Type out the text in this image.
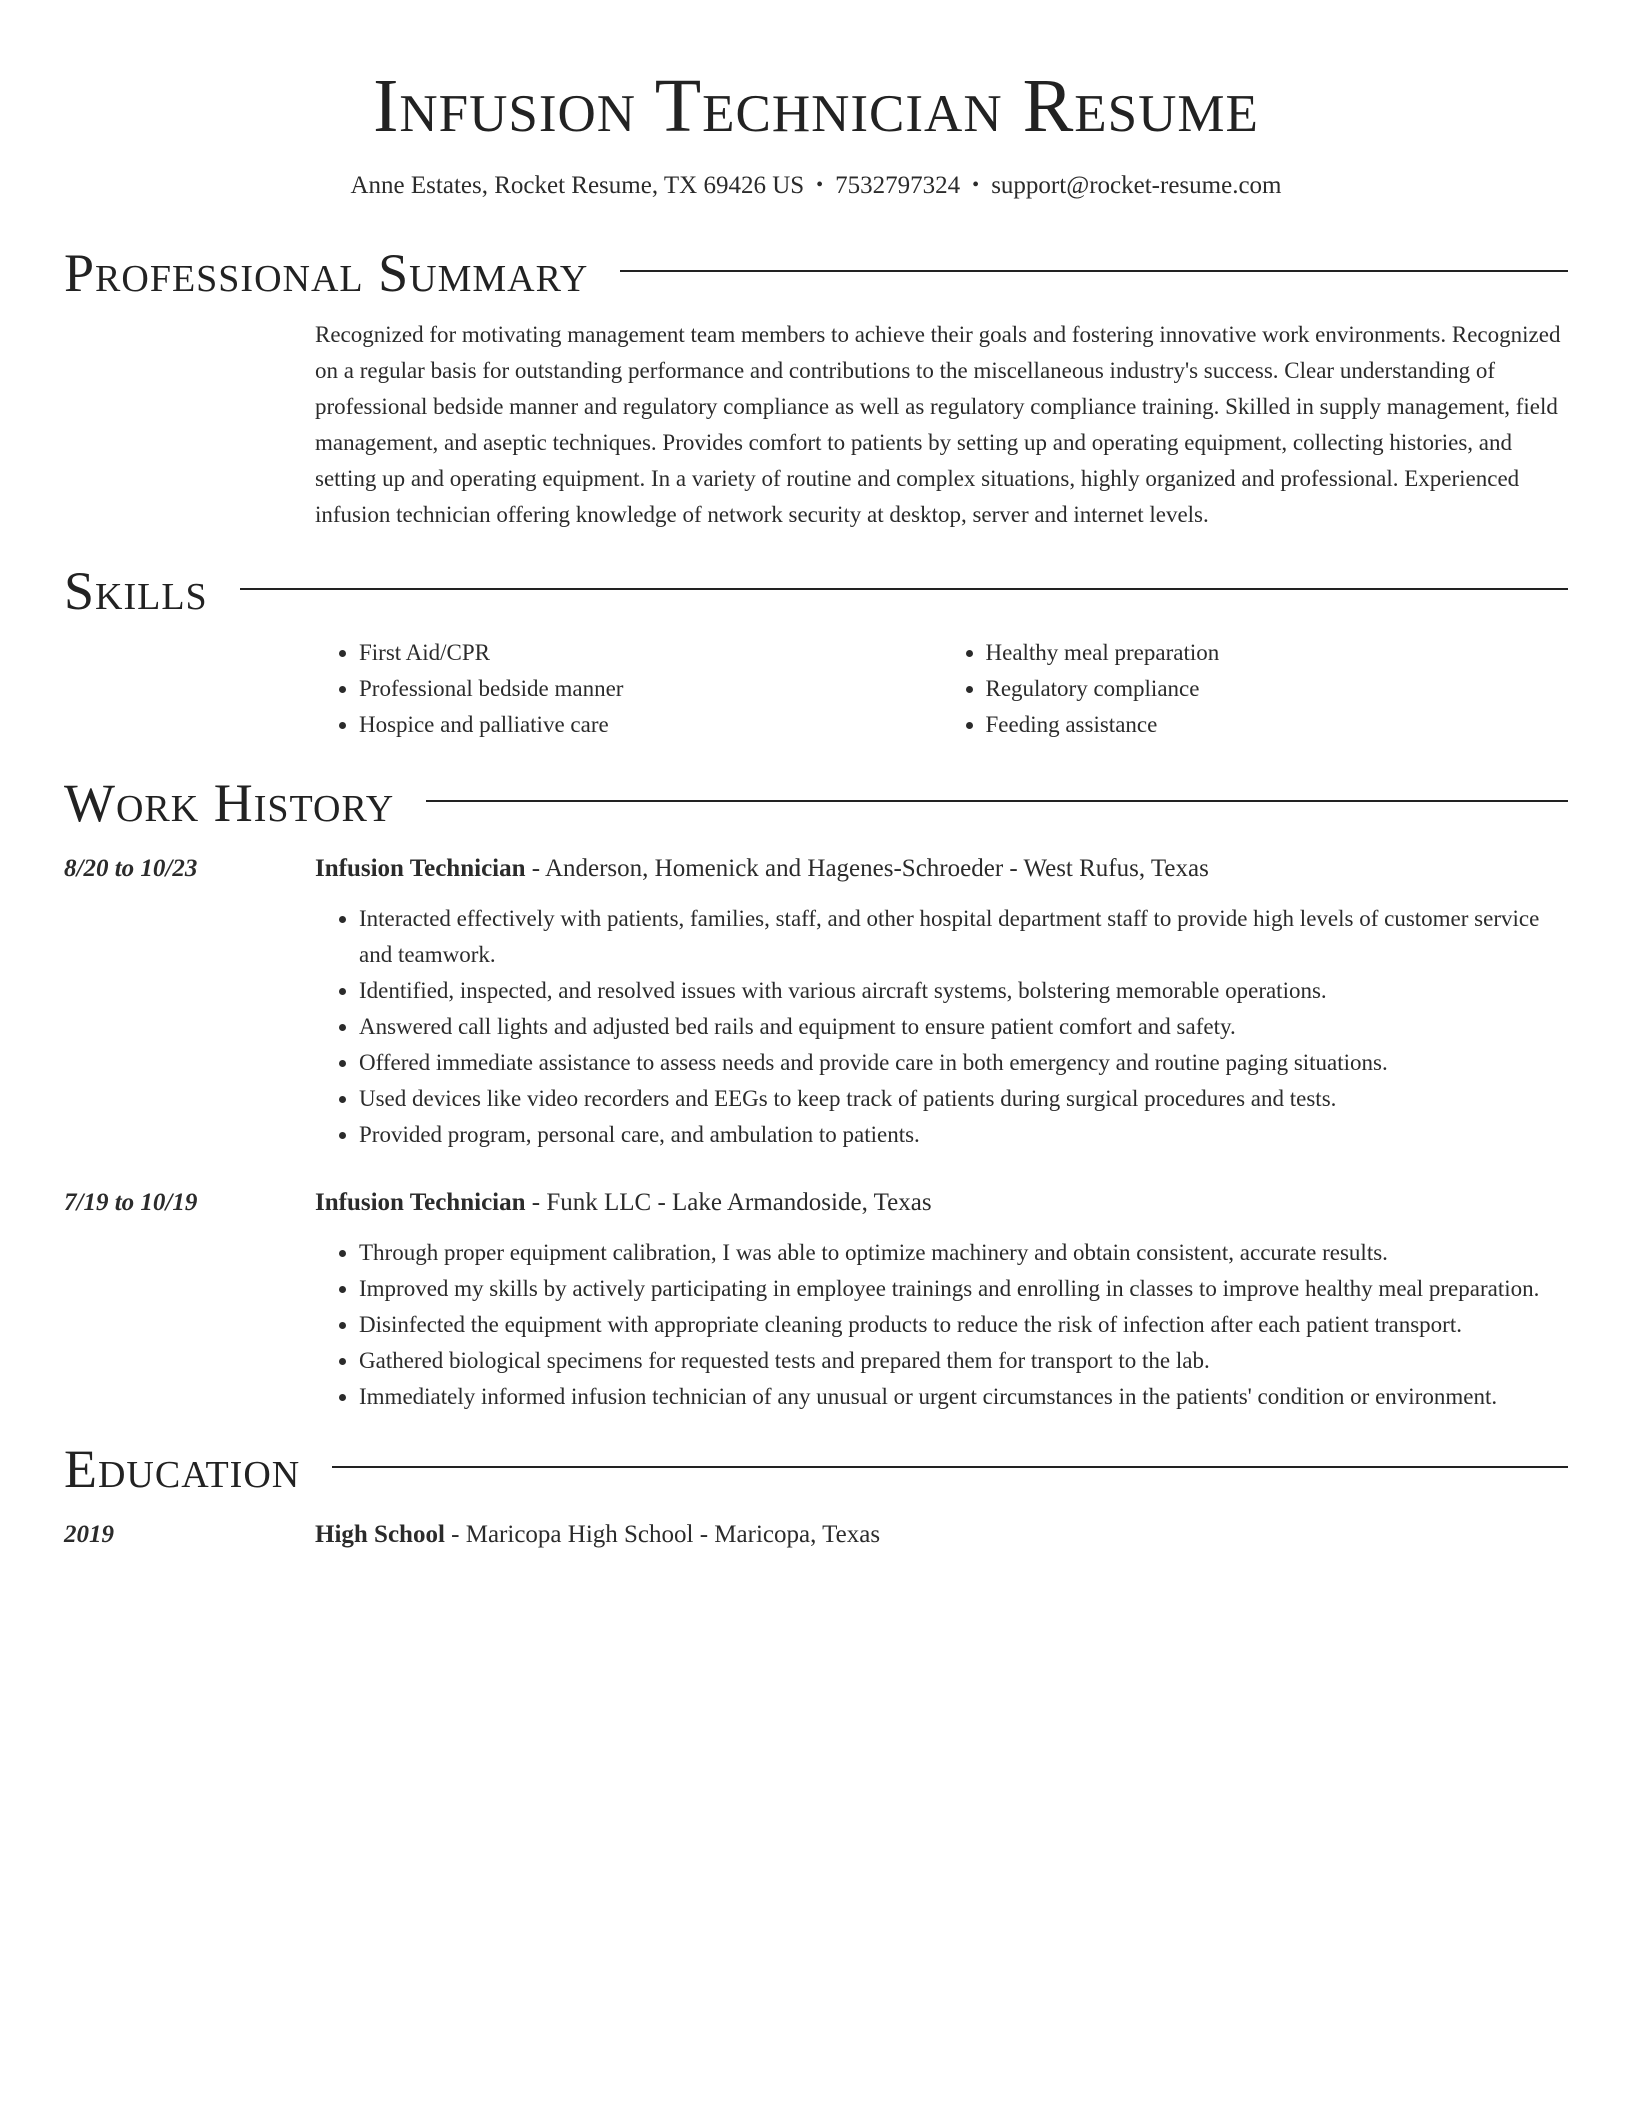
Infusion Technician Resume
Anne Estates, Rocket Resume, TX 69426 US • 7532797324 • support@rocket-resume.com
Professional Summary

Recognized for motivating management team members to achieve their goals and fostering innovative work environments. Recognized on a regular basis for outstanding performance and contributions to the miscellaneous industry's success. Clear understanding of professional bedside manner and regulatory compliance as well as regulatory compliance training. Skilled in supply management, field management, and aseptic techniques. Provides comfort to patients by setting up and operating equipment, collecting histories, and setting up and operating equipment. In a variety of routine and complex situations, highly organized and professional. Experienced infusion technician offering knowledge of network security at desktop, server and internet levels.

Skills
• First Aid/CPR
• Professional bedside manner
• Hospice and palliative care
• Healthy meal preparation
• Regulatory compliance
• Feeding assistance
Work History
8/20 to 10/23	Infusion Technician - Anderson, Homenick and Hagenes-Schroeder - West Rufus, Texas
• Interacted effectively with patients, families, staff, and other hospital department staff to provide high levels of customer service and teamwork.
• Identified, inspected, and resolved issues with various aircraft systems, bolstering memorable operations.
• Answered call lights and adjusted bed rails and equipment to ensure patient comfort and safety.
• Offered immediate assistance to assess needs and provide care in both emergency and routine paging situations.
• Used devices like video recorders and EEGs to keep track of patients during surgical procedures and tests.
• Provided program, personal care, and ambulation to patients.
7/19 to 10/19	Infusion Technician - Funk LLC - Lake Armandoside, Texas
• Through proper equipment calibration, I was able to optimize machinery and obtain consistent, accurate results.
• Improved my skills by actively participating in employee trainings and enrolling in classes to improve healthy meal preparation.
• Disinfected the equipment with appropriate cleaning products to reduce the risk of infection after each patient transport.
• Gathered biological specimens for requested tests and prepared them for transport to the lab.
• Immediately informed infusion technician of any unusual or urgent circumstances in the patients' condition or environment.
Education
2019	High School - Maricopa High School - Maricopa, Texas
